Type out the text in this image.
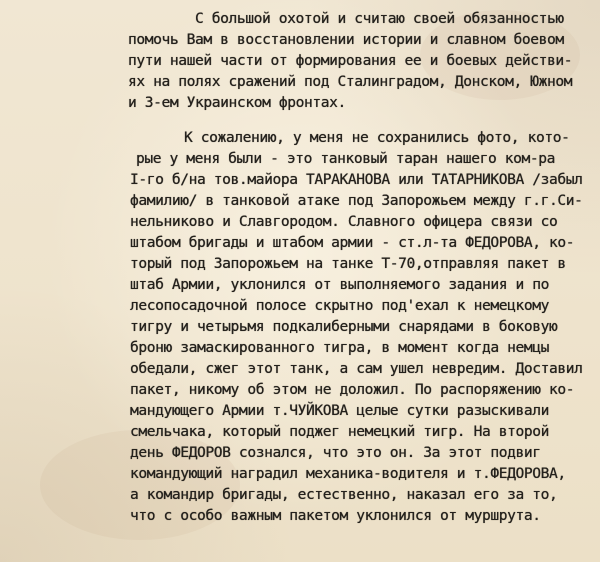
С большой охотой и считаю своей обязанностью
помочь Вам в восстановлении истории и славном боевом
пути нашей части от формирования ее и боевых действи-
ях на полях сражений под Сталинградом, Донском, Южном
и 3-ем Украинском фронтах.
К сожалению, у меня не сохранились фото, кото-
рые у меня были - это танковый таран нашего ком-ра
I-го б/на тов.майора ТАРАКАНОВА или ТАТАРНИКОВА /забыл
фамилию/ в танковой атаке под Запорожьем между г.г.Си-
нельниково и Славгородом. Славного офицера связи со
штабом бригады и штабом армии - ст.л-та ФЕДОРОВА, ко-
торый под Запорожьем на танке Т-70,отправляя пакет в
штаб Армии, уклонился от выполняемого задания и по
лесопосадочной полосе скрытно под'ехал к немецкому
тигру и четырьмя подкалиберными снарядами в боковую
броню замаскированного тигра, в момент когда немцы
обедали, сжег этот танк, а сам ушел невредим. Доставил
пакет, никому об этом не доложил. По распоряжению ко-
мандующего Армии т.ЧУЙКОВА целые сутки разыскивали
смельчака, который поджег немецкий тигр. На второй
день ФЕДОРОВ сознался, что это он. За этот подвиг
командующий наградил механика-водителя и т.ФЕДОРОВА,
а командир бригады, естественно, наказал его за то,
что с особо важным пакетом уклонился от муршрута.
